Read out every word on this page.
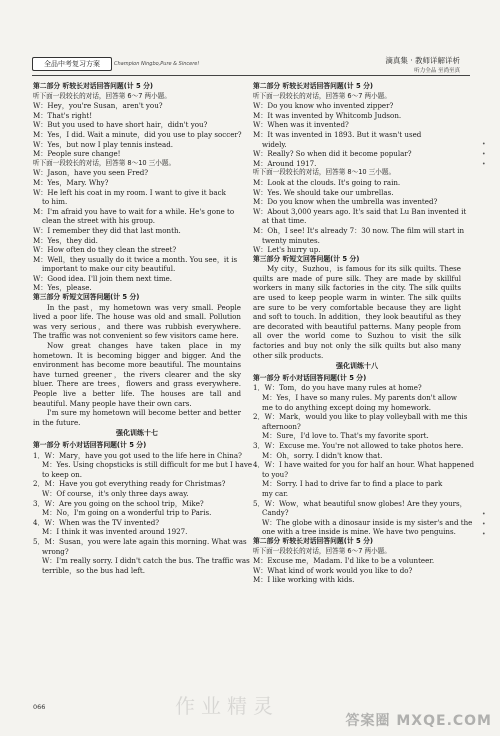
全品中考复习方案	Champion Ningbo,Pure & Sincere!	滴真集 · 教师详解详析
听力全品 至尚至真
第二部分 听较长对话回答问题(计 5 分)
听下面一段较长的对话，回答第 6～7 两小题。
W：Hey，you're Susan，aren't you?
M：That's right!
W：But you used to have short hair，didn't you?
M：Yes，I did. Wait a minute，did you use to play soccer?
W：Yes，but now I play tennis instead.
M：People sure change!
听下面一段较长的对话，回答第 8～10 三小题。
W：Jason，have you seen Fred?
M：Yes，Mary. Why?
W：He left his coat in my room. I want to give it back
to him.
M：I'm afraid you have to wait for a while. He's gone to
clean the street with his group.
W：I remember they did that last month.
M：Yes，they did.
W：How often do they clean the street?
M：Well，they usually do it twice a month. You see，it is
important to make our city beautiful.
W：Good idea. I'll join them next time.
M：Yes，please.
第三部分 听短文回答问题(计 5 分)
In the past，my hometown was very small. People lived a poor life. The house was old and small. Pollution was very serious，and there was rubbish everywhere. The traffic was not convenient so few visitors came here.
Now great changes have taken place in my hometown. It is becoming bigger and bigger. And the environment has become more beautiful. The mountains have turned greener，the rivers clearer and the sky bluer. There are trees，flowers and grass everywhere. People live a better life. The houses are tall and beautiful. Many people have their own cars.
I'm sure my hometown will become better and better in the future.
强化训练十七
第一部分 听小对话回答问题(计 5 分)
1．W：Mary，have you got used to the life here in China?
M：Yes. Using chopsticks is still difficult for me but I have
to keep on.
2．M：Have you got everything ready for Christmas?
W：Of course，it's only three days away.
3．W：Are you going on the school trip，Mike?
M：No，I'm going on a wonderful trip to Paris.
4．W：When was the TV invented?
M：I think it was invented around 1927.
5．M：Susan，you were late again this morning. What was
wrong?
W：I'm really sorry. I didn't catch the bus. The traffic was
terrible，so the bus had left.
第二部分 听较长对话回答问题(计 5 分)
听下面一段较长的对话，回答第 6～7 两小题。
W：Do you know who invented zipper?
M：It was invented by Whitcomb Judson.
W：When was it invented?
M：It was invented in 1893. But it wasn't used
widely.
W：Really? So when did it become popular?
M：Around 1917.
听下面一段较长的对话，回答第 8～10 三小题。
M：Look at the clouds. It's going to rain.
W：Yes. We should take our umbrellas.
M：Do you know when the umbrella was invented?
W：About 3,000 years ago. It's said that Lu Ban invented it
at that time.
M：Oh，I see! It's already 7：30 now. The film will start in
twenty minutes.
W：Let's hurry up.
第三部分 听短文回答问题(计 5 分)
My city，Suzhou，is famous for its silk quilts. These quilts are made of pure silk. They are made by skillful workers in many silk factories in the city. The silk quilts are used to keep people warm in winter. The silk quilts are sure to be very comfortable because they are light and soft to touch. In addition，they look beautiful as they are decorated with beautiful patterns. Many people from all over the world come to Suzhou to visit the silk factories and buy not only the silk quilts but also many other silk products.
强化训练十八
第一部分 听小对话回答问题(计 5 分)
1．W：Tom，do you have many rules at home?
M：Yes，I have so many rules. My parents don't allow
me to do anything except doing my homework.
2．W：Mark，would you like to play volleyball with me this
afternoon?
M：Sure，I'd love to. That's my favorite sport.
3．W：Excuse me. You're not allowed to take photos here.
M：Oh，sorry. I didn't know that.
4．W：I have waited for you for half an hour. What happened
to you?
M：Sorry. I had to drive far to find a place to park
my car.
5．W：Wow，what beautiful snow globes! Are they yours，
Candy?
W：The globe with a dinosaur inside is my sister's and the
one with a tree inside is mine. We have two penguins.
第二部分 听较长对话回答问题(计 5 分)
听下面一段较长的对话，回答第 6～7 两小题。
M：Excuse me，Madam. I'd like to be a volunteer.
W：What kind of work would you like to do?
M：I like working with kids.
•
•
•

•
•
•
066	作业精灵
答案圈 MXQE.COM
